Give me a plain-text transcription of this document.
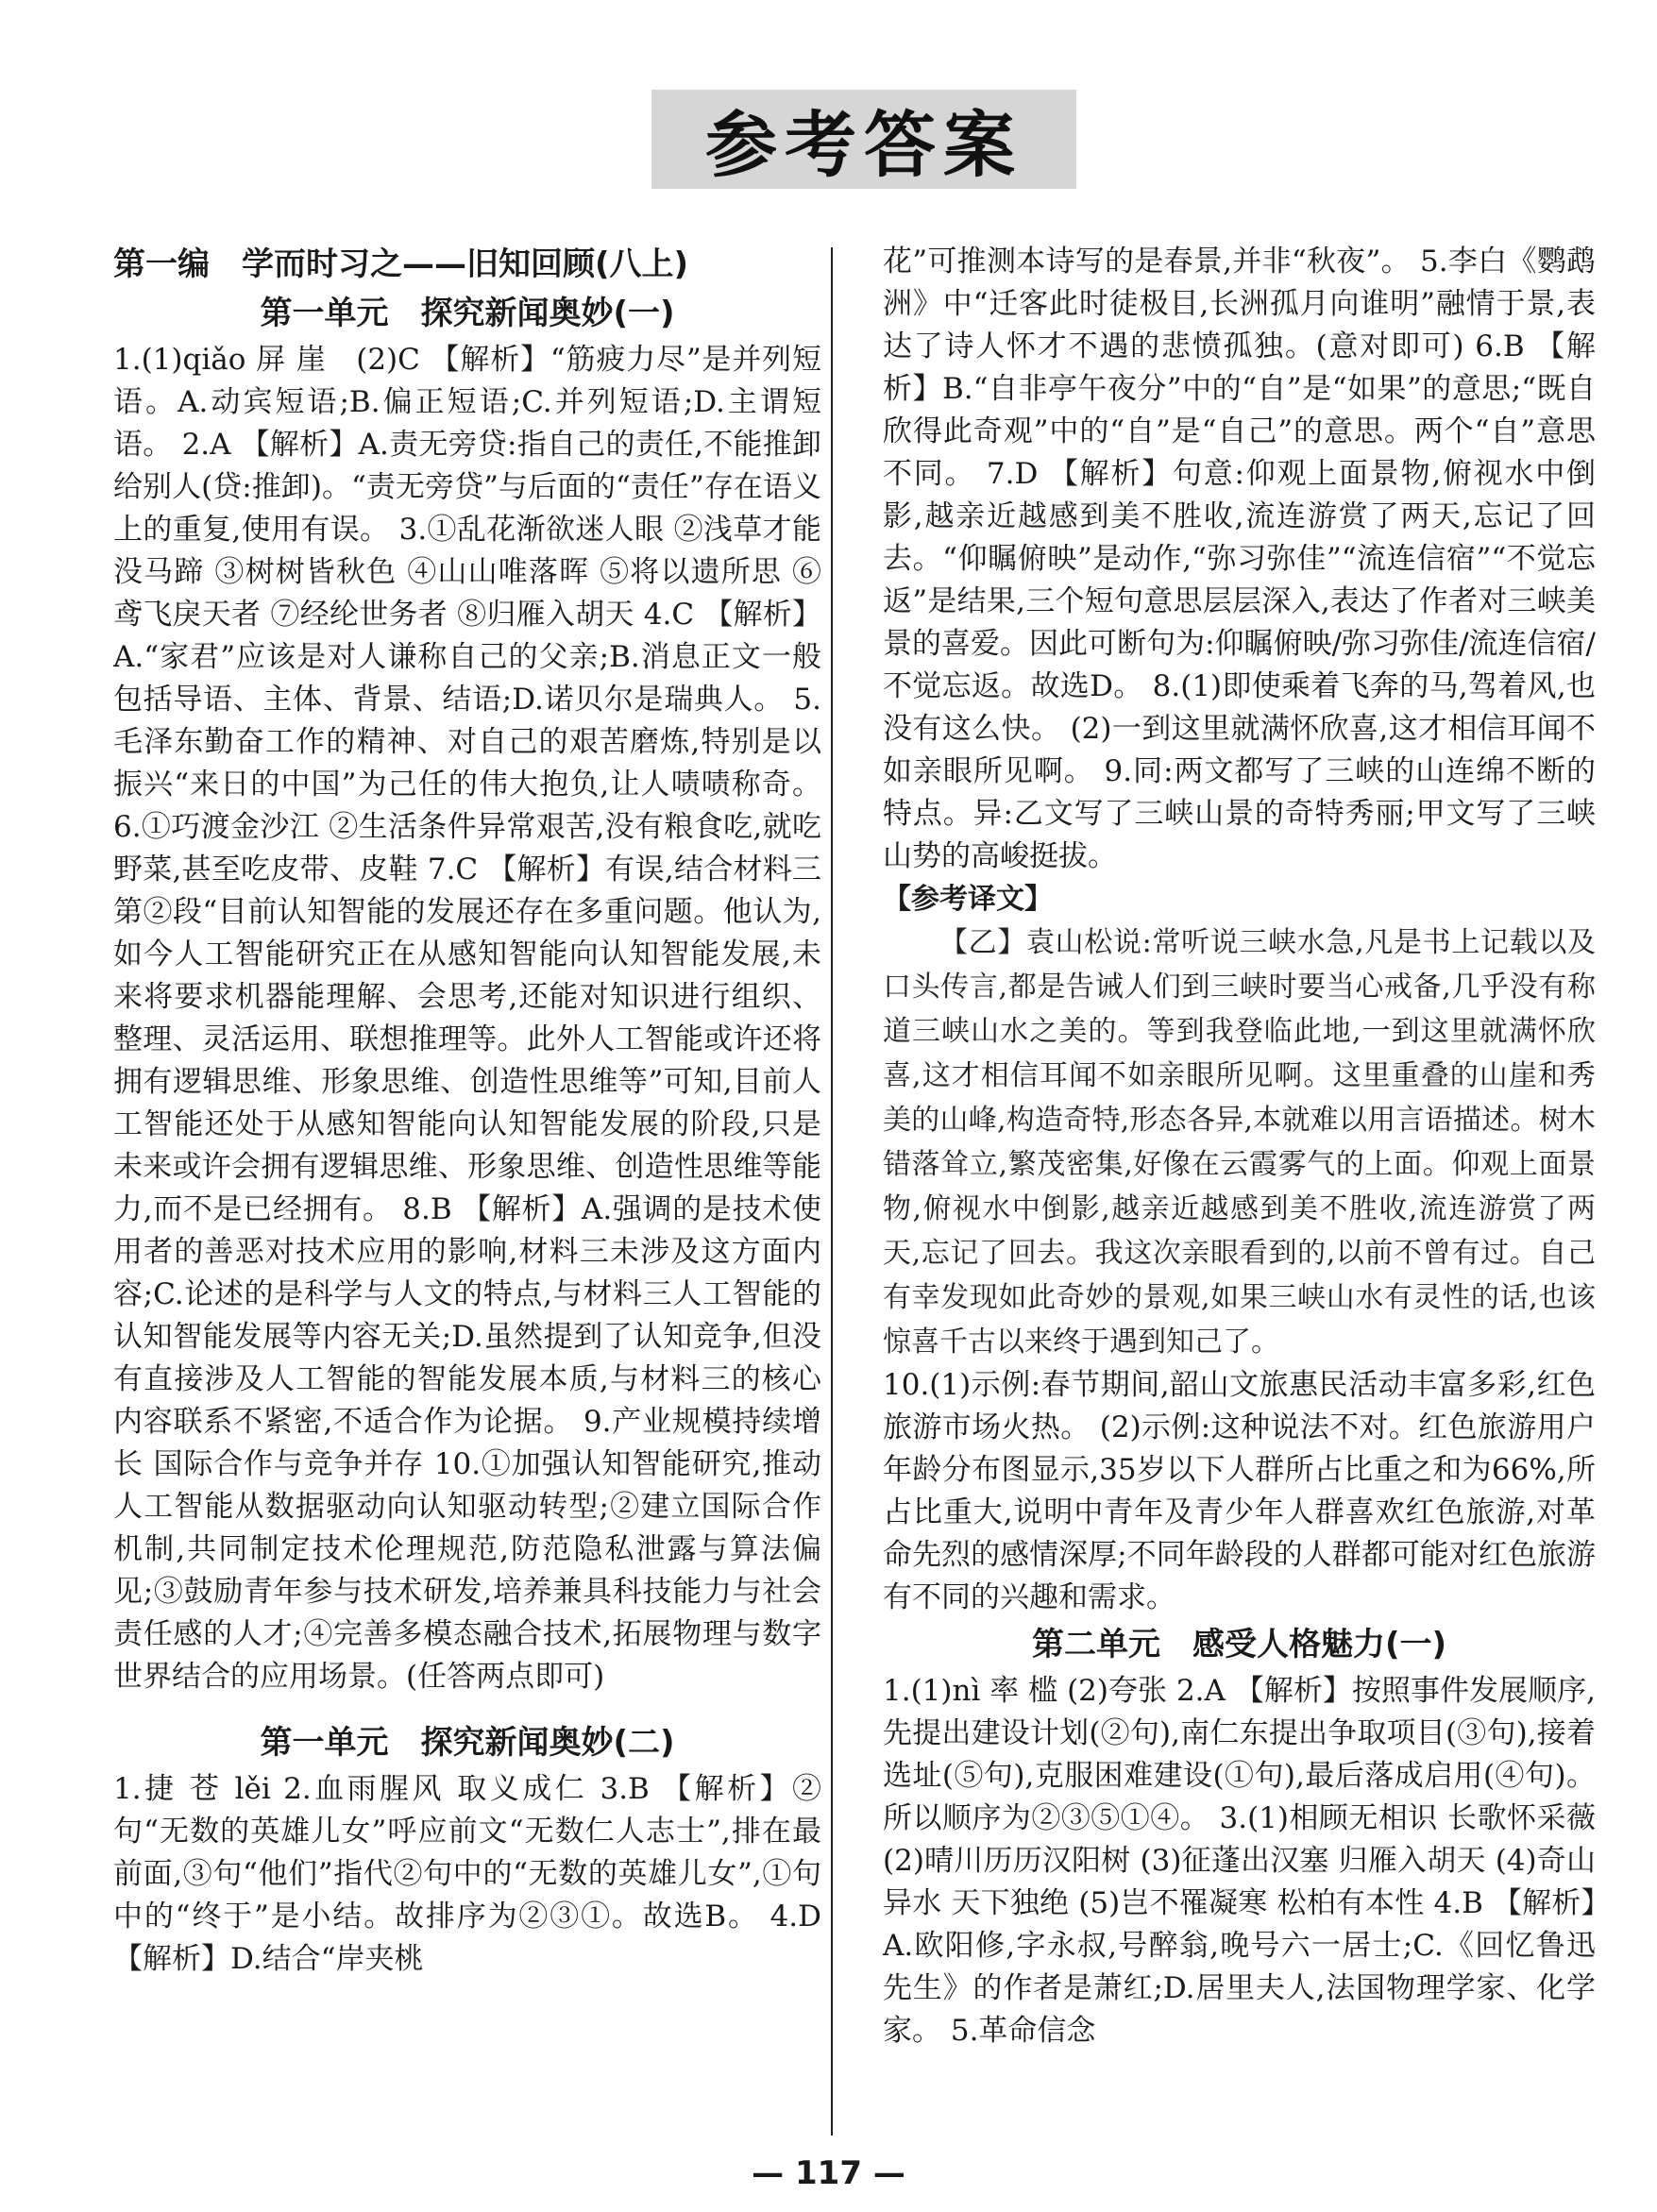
参考答案

第一编　学而时习之——旧知回顾(八上)

第一单元　探究新闻奥妙(一)

1.(1)qiǎo 屏 崖　(2)C 【解析】“筋疲力尽”是并列短语。A.动宾短语;B.偏正短语;C.并列短语;D.主谓短语。 2.A 【解析】A.责无旁贷:指自己的责任,不能推卸给别人(贷:推卸)。“责无旁贷”与后面的“责任”存在语义上的重复,使用有误。 3.①乱花渐欲迷人眼 ②浅草才能没马蹄 ③树树皆秋色 ④山山唯落晖 ⑤将以遗所思 ⑥鸢飞戾天者 ⑦经纶世务者 ⑧归雁入胡天 4.C 【解析】A.“家君”应该是对人谦称自己的父亲;B.消息正文一般包括导语、主体、背景、结语;D.诺贝尔是瑞典人。 5.毛泽东勤奋工作的精神、对自己的艰苦磨炼,特别是以振兴“来日的中国”为己任的伟大抱负,让人啧啧称奇。 6.①巧渡金沙江 ②生活条件异常艰苦,没有粮食吃,就吃野菜,甚至吃皮带、皮鞋 7.C 【解析】有误,结合材料三第②段“目前认知智能的发展还存在多重问题。他认为,如今人工智能研究正在从感知智能向认知智能发展,未来将要求机器能理解、会思考,还能对知识进行组织、整理、灵活运用、联想推理等。此外人工智能或许还将拥有逻辑思维、形象思维、创造性思维等”可知,目前人工智能还处于从感知智能向认知智能发展的阶段,只是未来或许会拥有逻辑思维、形象思维、创造性思维等能力,而不是已经拥有。 8.B 【解析】A.强调的是技术使用者的善恶对技术应用的影响,材料三未涉及这方面内容;C.论述的是科学与人文的特点,与材料三人工智能的认知智能发展等内容无关;D.虽然提到了认知竞争,但没有直接涉及人工智能的智能发展本质,与材料三的核心内容联系不紧密,不适合作为论据。 9.产业规模持续增长 国际合作与竞争并存 10.①加强认知智能研究,推动人工智能从数据驱动向认知驱动转型;②建立国际合作机制,共同制定技术伦理规范,防范隐私泄露与算法偏见;③鼓励青年参与技术研发,培养兼具科技能力与社会责任感的人才;④完善多模态融合技术,拓展物理与数字世界结合的应用场景。(任答两点即可)

第一单元　探究新闻奥妙(二)

1.捷 苍 lěi 2.血雨腥风 取义成仁 3.B 【解析】②句“无数的英雄儿女”呼应前文“无数仁人志士”,排在最前面,③句“他们”指代②句中的“无数的英雄儿女”,①句中的“终于”是小结。故排序为②③①。故选B。 4.D 【解析】D.结合“岸夹桃

花”可推测本诗写的是春景,并非“秋夜”。 5.李白《鹦鹉洲》中“迁客此时徒极目,长洲孤月向谁明”融情于景,表达了诗人怀才不遇的悲愤孤独。(意对即可) 6.B 【解析】B.“自非亭午夜分”中的“自”是“如果”的意思;“既自欣得此奇观”中的“自”是“自己”的意思。两个“自”意思不同。 7.D 【解析】句意:仰观上面景物,俯视水中倒影,越亲近越感到美不胜收,流连游赏了两天,忘记了回去。“仰瞩俯映”是动作,“弥习弥佳”“流连信宿”“不觉忘返”是结果,三个短句意思层层深入,表达了作者对三峡美景的喜爱。因此可断句为:仰瞩俯映/弥习弥佳/流连信宿/不觉忘返。故选D。 8.(1)即使乘着飞奔的马,驾着风,也没有这么快。 (2)一到这里就满怀欣喜,这才相信耳闻不如亲眼所见啊。 9.同:两文都写了三峡的山连绵不断的特点。异:乙文写了三峡山景的奇特秀丽;甲文写了三峡山势的高峻挺拔。

【参考译文】

【乙】袁山松说:常听说三峡水急,凡是书上记载以及口头传言,都是告诫人们到三峡时要当心戒备,几乎没有称道三峡山水之美的。等到我登临此地,一到这里就满怀欣喜,这才相信耳闻不如亲眼所见啊。这里重叠的山崖和秀美的山峰,构造奇特,形态各异,本就难以用言语描述。树木错落耸立,繁茂密集,好像在云霞雾气的上面。仰观上面景物,俯视水中倒影,越亲近越感到美不胜收,流连游赏了两天,忘记了回去。我这次亲眼看到的,以前不曾有过。自己有幸发现如此奇妙的景观,如果三峡山水有灵性的话,也该惊喜千古以来终于遇到知己了。

10.(1)示例:春节期间,韶山文旅惠民活动丰富多彩,红色旅游市场火热。 (2)示例:这种说法不对。红色旅游用户年龄分布图显示,35岁以下人群所占比重之和为66%,所占比重大,说明中青年及青少年人群喜欢红色旅游,对革命先烈的感情深厚;不同年龄段的人群都可能对红色旅游有不同的兴趣和需求。

第二单元　感受人格魅力(一)

1.(1)nì 率 槛 (2)夸张 2.A 【解析】按照事件发展顺序,先提出建设计划(②句),南仁东提出争取项目(③句),接着选址(⑤句),克服困难建设(①句),最后落成启用(④句)。所以顺序为②③⑤①④。 3.(1)相顾无相识 长歌怀采薇 (2)晴川历历汉阳树 (3)征蓬出汉塞 归雁入胡天 (4)奇山异水 天下独绝 (5)岂不罹凝寒 松柏有本性 4.B 【解析】A.欧阳修,字永叔,号醉翁,晚号六一居士;C.《回忆鲁迅先生》的作者是萧红;D.居里夫人,法国物理学家、化学家。 5.革命信念

— 117 —
